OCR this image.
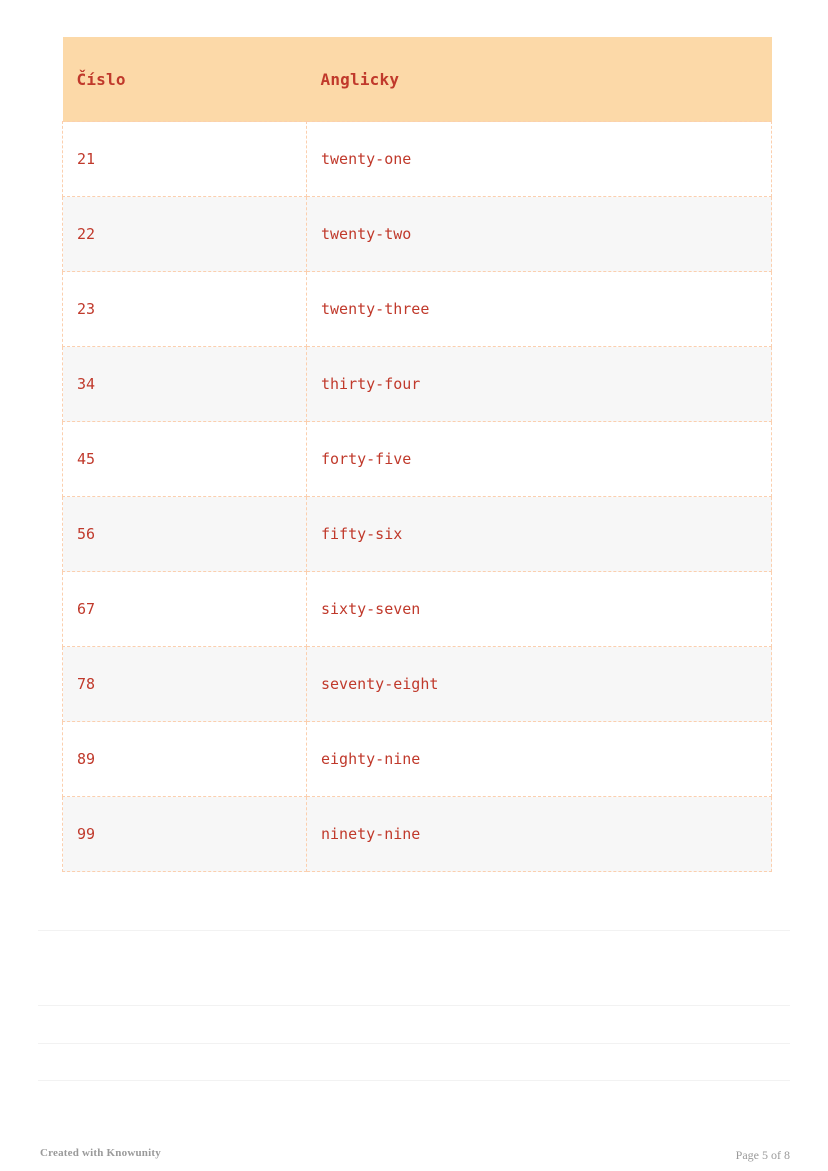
Číslo	Anglicky
21	twenty-one
22	twenty-two
23	twenty-three
34	thirty-four
45	forty-five
56	fifty-six
67	sixty-seven
78	seventy-eight
89	eighty-nine
99	ninety-nine
Created with Knowunity	Page 5 of 8
